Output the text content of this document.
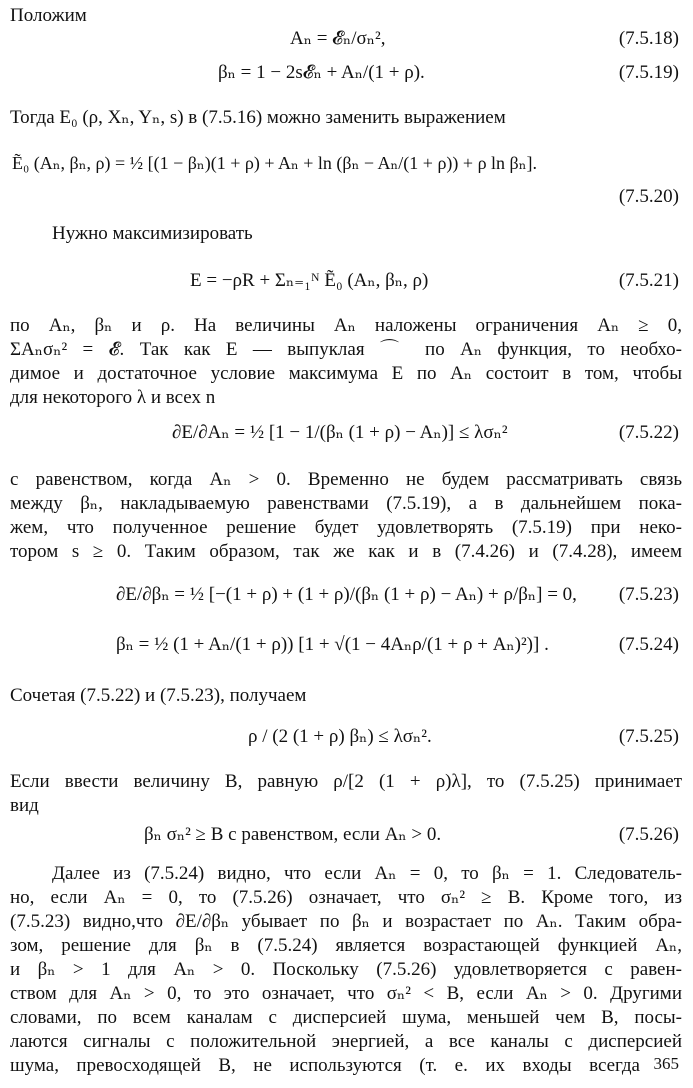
Положим
Aₙ = 𝓔ₙ/σₙ²,	(7.5.18)
βₙ = 1 − 2s𝓔ₙ + Aₙ/(1 + ρ).	(7.5.19)
Тогда E₀ (ρ, Xₙ, Yₙ, s) в (7.5.16) можно заменить выражением
Ẽ₀ (Aₙ, βₙ, ρ) = ½ [(1 − βₙ)(1 + ρ) + Aₙ + ln (βₙ − Aₙ/(1 + ρ)) + ρ ln βₙ].
(7.5.20)
Нужно максимизировать
E = −ρR + Σₙ₌₁ᴺ Ẽ₀ (Aₙ, βₙ, ρ)	(7.5.21)
по Aₙ, βₙ и ρ. На величины Aₙ наложены ограничения Aₙ ≥ 0,
ΣAₙσₙ² = 𝓔. Так как E — выпуклая ⌒ по Aₙ функция, то необхо-
димое и достаточное условие максимума E по Aₙ состоит в том, чтобы
для некоторого λ и всех n
∂E/∂Aₙ = ½ [1 − 1/(βₙ (1 + ρ) − Aₙ)] ≤ λσₙ²	(7.5.22)
с равенством, когда Aₙ > 0. Временно не будем рассматривать связь
между βₙ, накладываемую равенствами (7.5.19), а в дальнейшем пока-
жем, что полученное решение будет удовлетворять (7.5.19) при неко-
тором s ≥ 0. Таким образом, так же как и в (7.4.26) и (7.4.28), имеем
∂E/∂βₙ = ½ [−(1 + ρ) + (1 + ρ)/(βₙ (1 + ρ) − Aₙ) + ρ/βₙ] = 0, (7.5.23)
βₙ = ½ (1 + Aₙ/(1 + ρ)) [1 + √(1 − 4Aₙρ/(1 + ρ + Aₙ)²)] .	(7.5.24)
Сочетая (7.5.22) и (7.5.23), получаем
ρ / (2 (1 + ρ) βₙ) ≤ λσₙ².	(7.5.25)
Если ввести величину B, равную ρ/[2 (1 + ρ)λ], то (7.5.25) принимает
вид
βₙ σₙ² ≥ B с равенством, если Aₙ > 0.	(7.5.26)
Далее из (7.5.24) видно, что если Aₙ = 0, то βₙ = 1. Следователь-
но, если Aₙ = 0, то (7.5.26) означает, что σₙ² ≥ B. Кроме того, из
(7.5.23) видно,что ∂E/∂βₙ убывает по βₙ и возрастает по Aₙ. Таким обра-
зом, решение для βₙ в (7.5.24) является возрастающей функцией Aₙ,
и βₙ > 1 для Aₙ > 0. Поскольку (7.5.26) удовлетворяется с равен-
ством для Aₙ > 0, то это означает, что σₙ² < B, если Aₙ > 0. Другими
словами, по всем каналам с дисперсией шума, меньшей чем B, посы-
лаются сигналы с положительной энергией, а все каналы с дисперсией
шума, превосходящей B, не используются (т. е. их входы всегда 365
